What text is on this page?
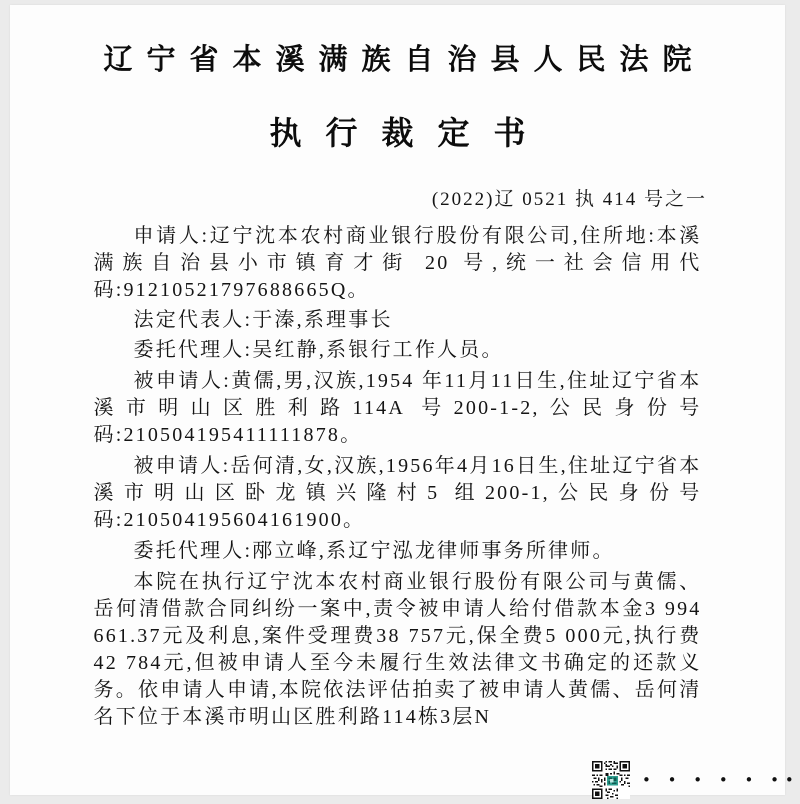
辽宁省本溪满族自治县人民法院
执行裁定书
(2022)辽 0521 执 414 号之一

申请人:辽宁沈本农村商业银行股份有限公司,住所地:本溪满族自治县小市镇育才街 20 号,统一社会信用代码:91210521797688665Q。

法定代表人:于溱,系理事长

委托代理人:吴红静,系银行工作人员。

被申请人:黄儒,男,汉族,1954 年11月11日生,住址辽宁省本溪市明山区胜利路114A 号200-1-2,公民身份号码:210504195411111878。

被申请人:岳何清,女,汉族,1956年4月16日生,住址辽宁省本溪市明山区卧龙镇兴隆村5 组200-1,公民身份号码:210504195604161900。

委托代理人:邴立峰,系辽宁泓龙律师事务所律师。

本院在执行辽宁沈本农村商业银行股份有限公司与黄儒、岳何清借款合同纠纷一案中,责令被申请人给付借款本金3 994 661.37元及利息,案件受理费38 757元,保全费5 000元,执行费42 784元,但被申请人至今未履行生效法律文书确定的还款义务。依申请人申请,本院依法评估拍卖了被申请人黄儒、岳何清名下位于本溪市明山区胜利路114栋3层N

• • • • • ••
